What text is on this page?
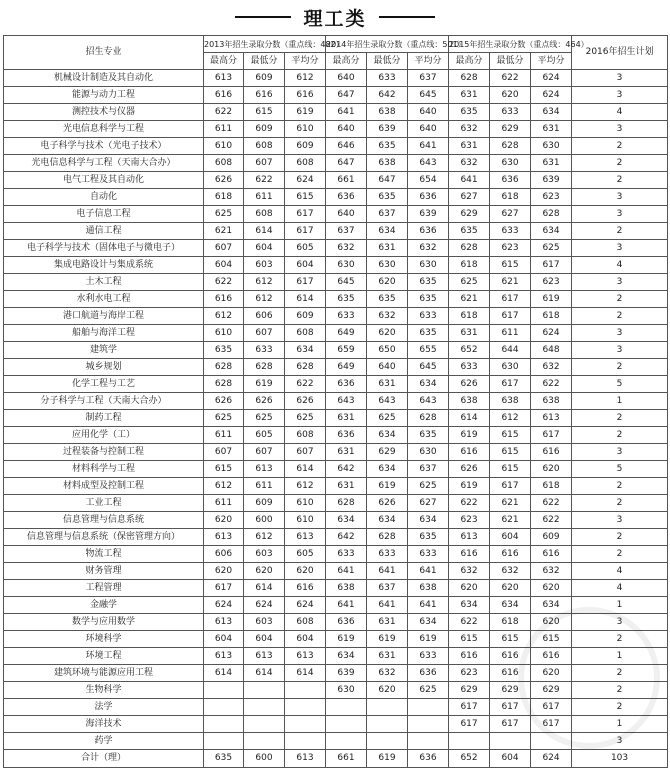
理工类
招生专业	2013年招生录取分数（重点线：482）			2014年招生录取分数（重点线：501）			2015年招生录取分数（重点线：464）			2016年招生计划
	最高分	最低分	平均分	最高分	最低分	平均分	最高分	最低分	平均分	
机械设计制造及其自动化	613	609	612	640	633	637	628	622	624	3
能源与动力工程	616	616	616	647	642	645	631	620	624	3
测控技术与仪器	622	615	619	641	638	640	635	633	634	4
光电信息科学与工程	611	609	610	640	639	640	632	629	631	3
电子科学与技术（光电子技术）	610	608	609	646	635	641	631	628	630	2
光电信息科学与工程（天南大合办）	608	607	608	647	638	643	632	630	631	2
电气工程及其自动化	626	622	624	661	647	654	641	636	639	2
自动化	618	611	615	636	635	636	627	618	623	3
电子信息工程	625	608	617	640	637	639	629	627	628	3
通信工程	621	614	617	637	634	636	635	633	634	2
电子科学与技术（固体电子与微电子）	607	604	605	632	631	632	628	623	625	3
集成电路设计与集成系统	604	603	604	630	630	630	618	615	617	4
土木工程	622	612	617	645	620	635	625	621	623	3
水利水电工程	616	612	614	635	635	635	621	617	619	2
港口航道与海岸工程	612	606	609	633	632	633	618	617	618	2
船舶与海洋工程	610	607	608	649	620	635	631	611	624	3
建筑学	635	633	634	659	650	655	652	644	648	3
城乡规划	628	628	628	649	640	645	633	630	632	2
化学工程与工艺	628	619	622	636	631	634	626	617	622	5
分子科学与工程（天南大合办）	626	626	626	643	643	643	638	638	638	1
制药工程	625	625	625	631	625	628	614	612	613	2
应用化学（工）	611	605	608	636	634	635	619	615	617	2
过程装备与控制工程	607	607	607	631	629	630	616	615	616	3
材料科学与工程	615	613	614	642	634	637	626	615	620	5
材料成型及控制工程	612	611	612	631	619	625	619	617	618	2
工业工程	611	609	610	628	626	627	622	621	622	2
信息管理与信息系统	620	600	610	634	634	634	623	621	622	3
信息管理与信息系统（保密管理方向）	613	612	613	642	628	635	613	604	609	2
物流工程	606	603	605	633	633	633	616	616	616	2
财务管理	620	620	620	641	641	641	632	632	632	4
工程管理	617	614	616	638	637	638	620	620	620	4
金融学	624	624	624	641	641	641	634	634	634	1
数学与应用数学	613	603	608	636	631	634	622	618	620	3
环境科学	604	604	604	619	619	619	615	615	615	2
环境工程	613	613	613	634	631	633	616	616	616	1
建筑环境与能源应用工程	614	614	614	639	632	636	623	616	620	2
生物科学				630	620	625	629	629	629	2
法学							617	617	617	2
海洋技术							617	617	617	1
药学										3
合计（理）	635	600	613	661	619	636	652	604	624	103
